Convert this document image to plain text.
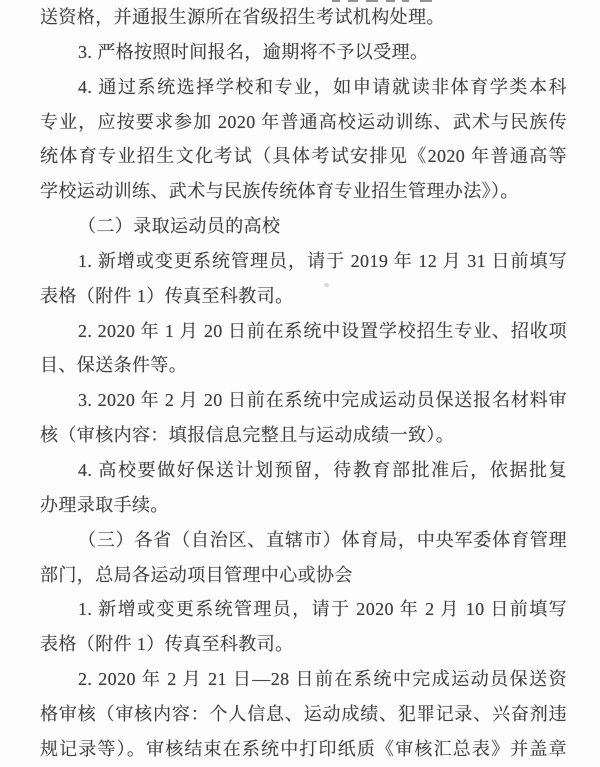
送资格，并通报生源所在省级招生考试机构处理。
3. 严格按照时间报名，逾期将不予以受理。
4. 通过系统选择学校和专业，如申请就读非体育学类本科
专业，应按要求参加 2020 年普通高校运动训练、武术与民族传
统体育专业招生文化考试（具体考试安排见《2020 年普通高等
学校运动训练、武术与民族传统体育专业招生管理办法》）。
（二）录取运动员的高校
1. 新增或变更系统管理员，请于 2019 年 12 月 31 日前填写
表格（附件 1）传真至科教司。
2. 2020 年 1 月 20 日前在系统中设置学校招生专业、招收项
目、保送条件等。
3. 2020 年 2 月 20 日前在系统中完成运动员保送报名材料审
核（审核内容：填报信息完整且与运动成绩一致）。
4. 高校要做好保送计划预留，待教育部批准后，依据批复
办理录取手续。
（三）各省（自治区、直辖市）体育局，中央军委体育管理
部门，总局各运动项目管理中心或协会
1. 新增或变更系统管理员，请于 2020 年 2 月 10 日前填写
表格（附件 1）传真至科教司。
2. 2020 年 2 月 21 日—28 日前在系统中完成运动员保送资
格审核（审核内容：个人信息、运动成绩、犯罪记录、兴奋剂违
规记录等）。审核结束在系统中打印纸质《审核汇总表》并盖章
